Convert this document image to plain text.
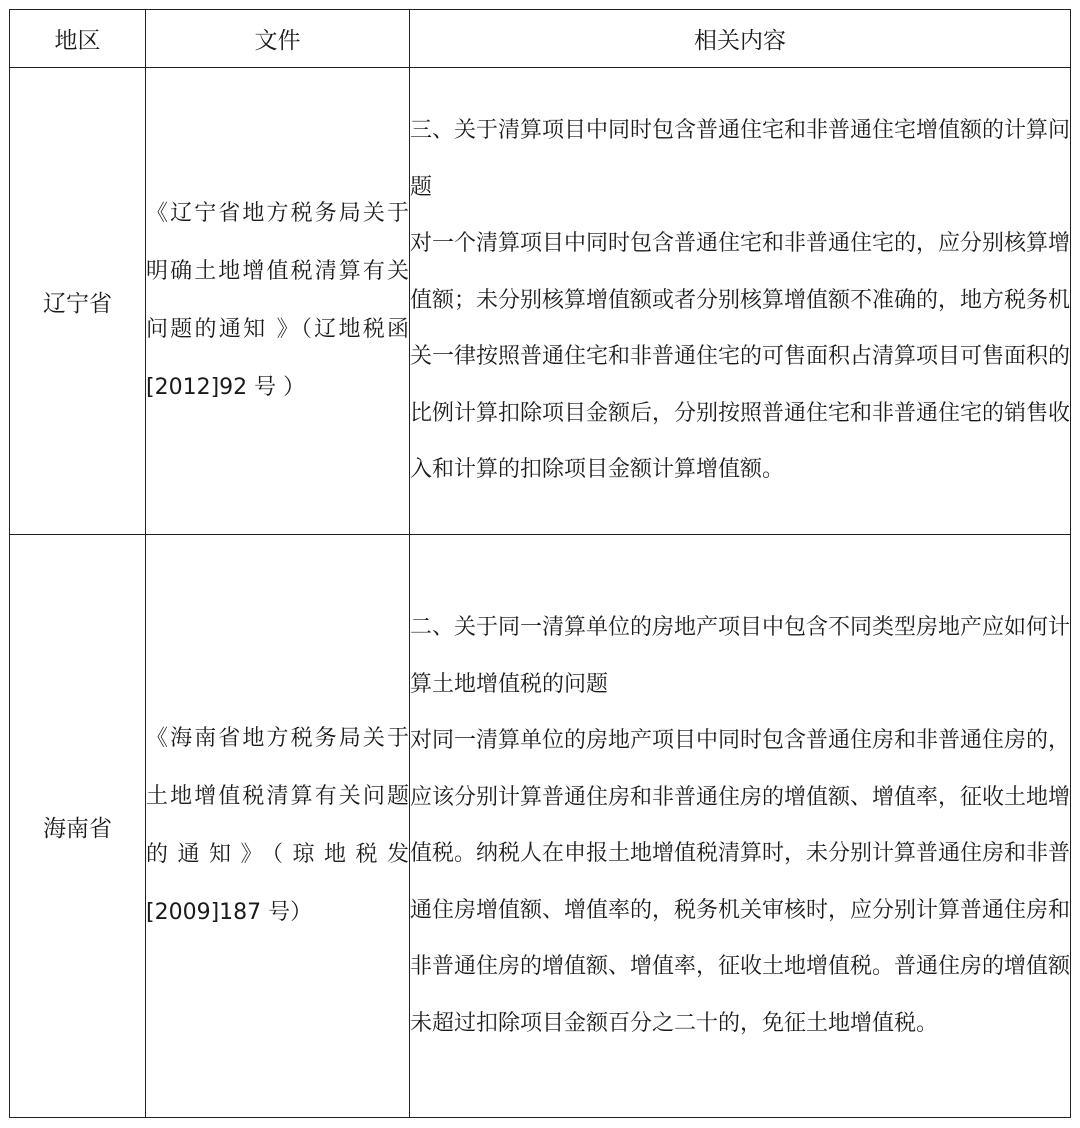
地区	文件	相关内容
辽宁省	《辽宁省地方税务局关于明确土地增值税清算有关问题的通知 》（辽地税函[2012]92 号 ）	三、关于清算项目中同时包含普通住宅和非普通住宅增值额的计算问题
对一个清算项目中同时包含普通住宅和非普通住宅的，应分别核算增值额；未分别核算增值额或者分别核算增值额不准确的，地方税务机关一律按照普通住宅和非普通住宅的可售面积占清算项目可售面积的比例计算扣除项目金额后，分别按照普通住宅和非普通住宅的销售收入和计算的扣除项目金额计算增值额。

海南省	《海南省地方税务局关于土地增值税清算有关问题的通知》（琼地税发[2009]187 号）	二、关于同一清算单位的房地产项目中包含不同类型房地产应如何计算土地增值税的问题
对同一清算单位的房地产项目中同时包含普通住房和非普通住房的，应该分别计算普通住房和非普通住房的增值额、增值率，征收土地增值税。纳税人在申报土地增值税清算时，未分别计算普通住房和非普通住房增值额、增值率的，税务机关审核时，应分别计算普通住房和非普通住房的增值额、增值率，征收土地增值税。普通住房的增值额未超过扣除项目金额百分之二十的，免征土地增值税。
